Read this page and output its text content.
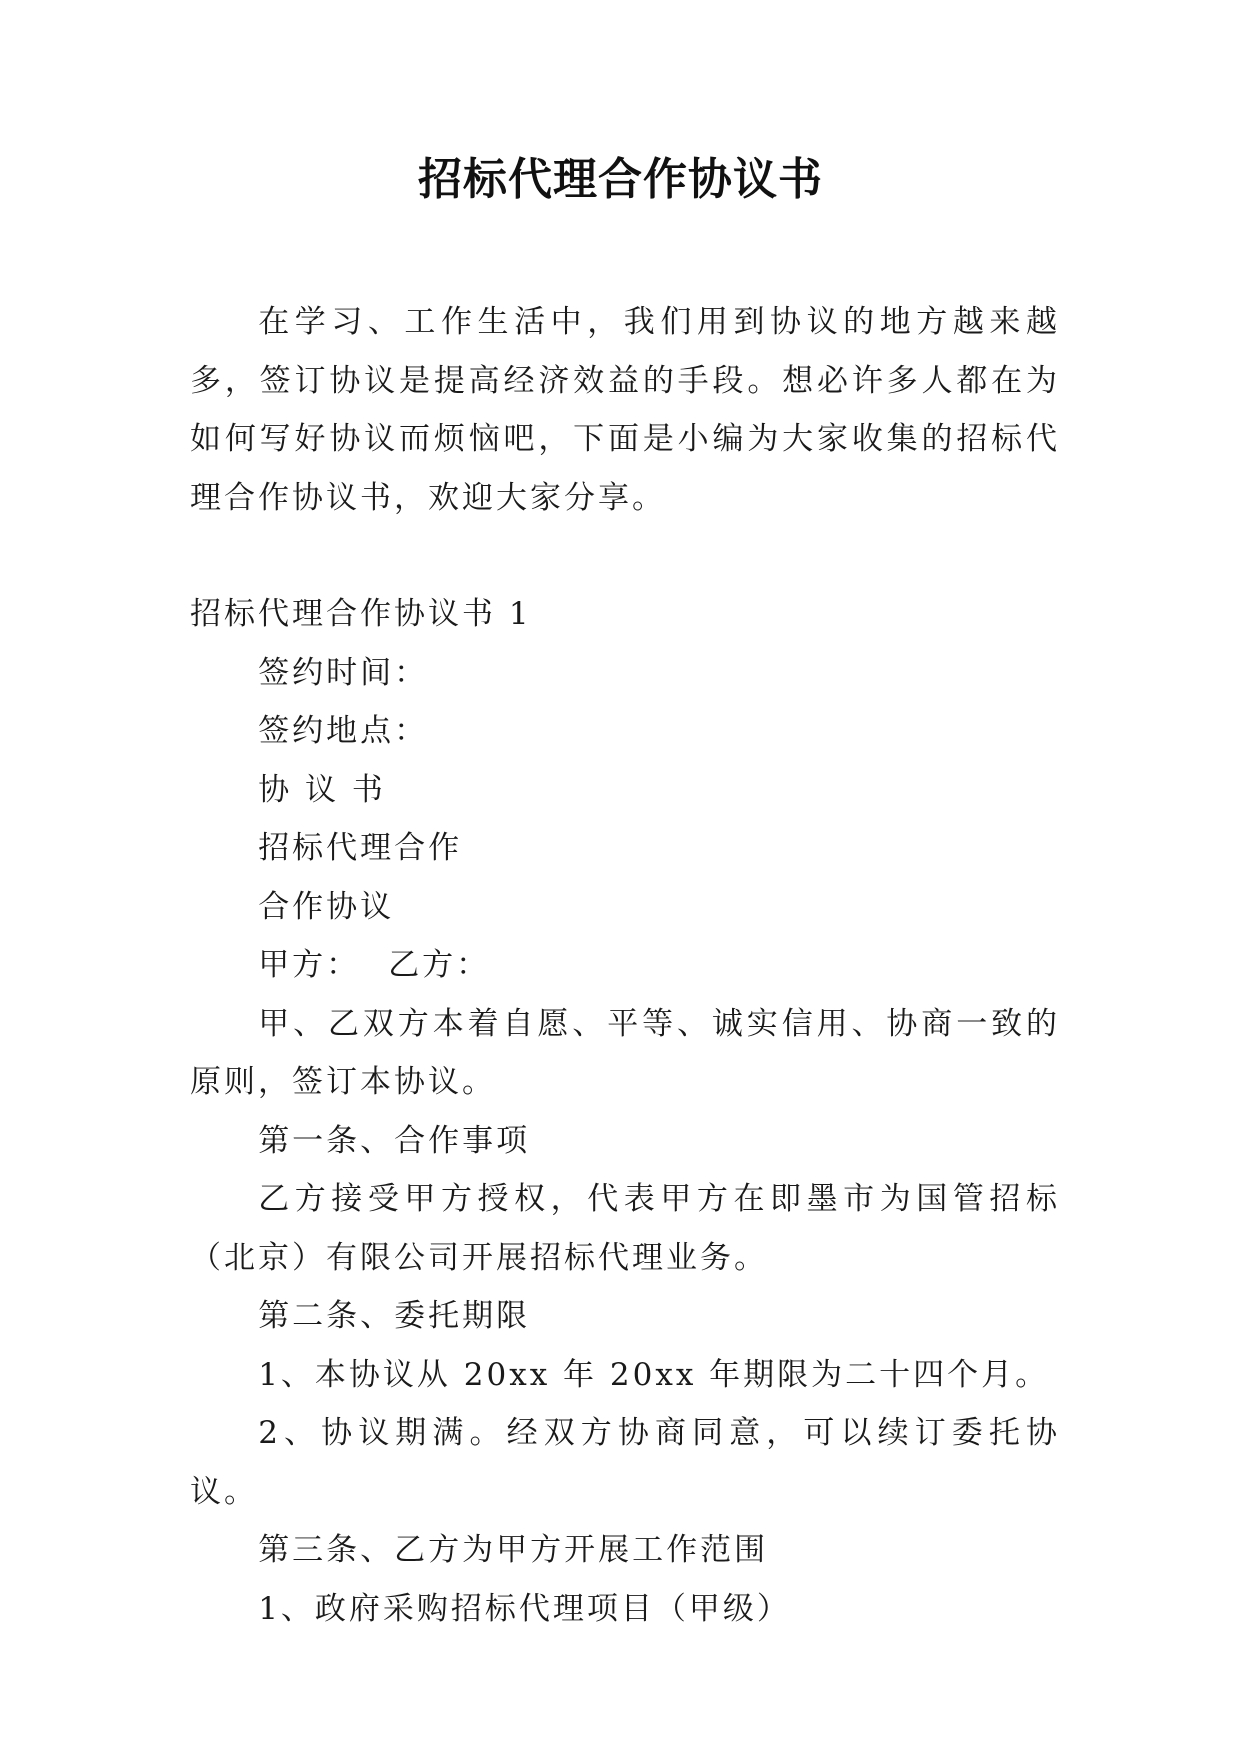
招标代理合作协议书

在学习、工作生活中，我们用到协议的地方越来越多，签订协议是提高经济效益的手段。想必许多人都在为如何写好协议而烦恼吧，下面是小编为大家收集的招标代理合作协议书，欢迎大家分享。

招标代理合作协议书 1

签约时间：

签约地点：

协 议 书

招标代理合作

合作协议

甲方： 乙方：

甲、乙双方本着自愿、平等、诚实信用、协商一致的原则，签订本协议。

第一条、合作事项

乙方接受甲方授权，代表甲方在即墨市为国管招标（北京）有限公司开展招标代理业务。

第二条、委托期限

1、本协议从 20xx 年 20xx 年期限为二十四个月。

2、协议期满。经双方协商同意，可以续订委托协议。

第三条、乙方为甲方开展工作范围

1、政府采购招标代理项目（甲级）
